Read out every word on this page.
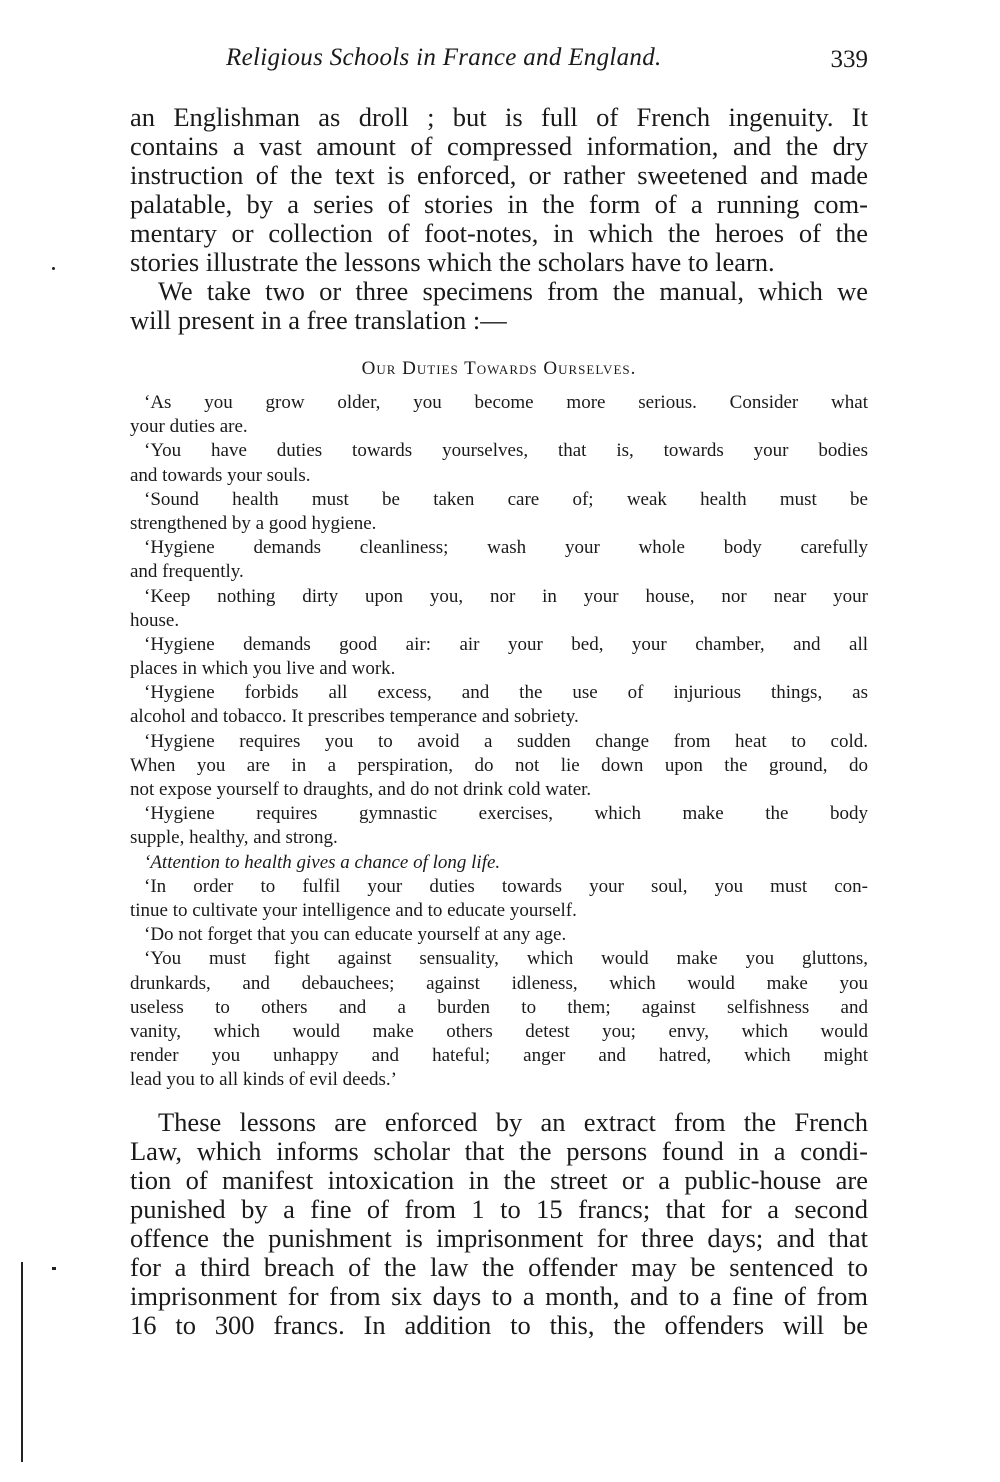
Religious Schools in France and England.	339
an Englishman as droll ; but is full of French ingenuity. It
contains a vast amount of compressed information, and the dry
instruction of the text is enforced, or rather sweetened and made
palatable, by a series of stories in the form of a running com-
mentary or collection of foot-notes, in which the heroes of the
stories illustrate the lessons which the scholars have to learn.
We take two or three specimens from the manual, which we
will present in a free translation :—
Our Duties Towards Ourselves.
‘As you grow older, you become more serious. Consider what
your duties are.
‘You have duties towards yourselves, that is, towards your bodies
and towards your souls.
‘Sound health must be taken care of; weak health must be
strengthened by a good hygiene.
‘Hygiene demands cleanliness; wash your whole body carefully
and frequently.
‘Keep nothing dirty upon you, nor in your house, nor near your
house.
‘Hygiene demands good air: air your bed, your chamber, and all
places in which you live and work.
‘Hygiene forbids all excess, and the use of injurious things, as
alcohol and tobacco. It prescribes temperance and sobriety.
‘Hygiene requires you to avoid a sudden change from heat to cold.
When you are in a perspiration, do not lie down upon the ground, do
not expose yourself to draughts, and do not drink cold water.
‘Hygiene requires gymnastic exercises, which make the body
supple, healthy, and strong.
‘Attention to health gives a chance of long life.
‘In order to fulfil your duties towards your soul, you must con-
tinue to cultivate your intelligence and to educate yourself.
‘Do not forget that you can educate yourself at any age.
‘You must fight against sensuality, which would make you gluttons,
drunkards, and debauchees; against idleness, which would make you
useless to others and a burden to them; against selfishness and
vanity, which would make others detest you; envy, which would
render you unhappy and hateful; anger and hatred, which might
lead you to all kinds of evil deeds.’
These lessons are enforced by an extract from the French
Law, which informs scholar that the persons found in a condi-
tion of manifest intoxication in the street or a public-house are
punished by a fine of from 1 to 15 francs; that for a second
offence the punishment is imprisonment for three days; and that
for a third breach of the law the offender may be sentenced to
imprisonment for from six days to a month, and to a fine of from
16 to 300 francs. In addition to this, the offenders will be
